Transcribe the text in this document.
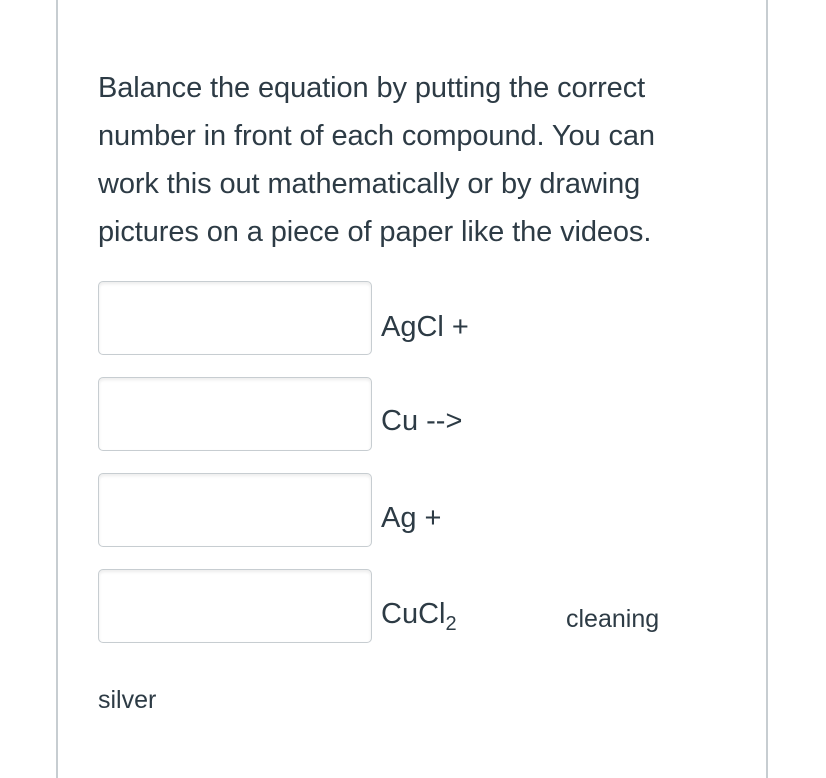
Balance the equation by putting the correct
number in front of each compound. You can
work this out mathematically or by drawing
pictures on a piece of paper like the videos.
AgCl +
Cu -->
Ag +
CuCl$_2$	cleaning
silver
